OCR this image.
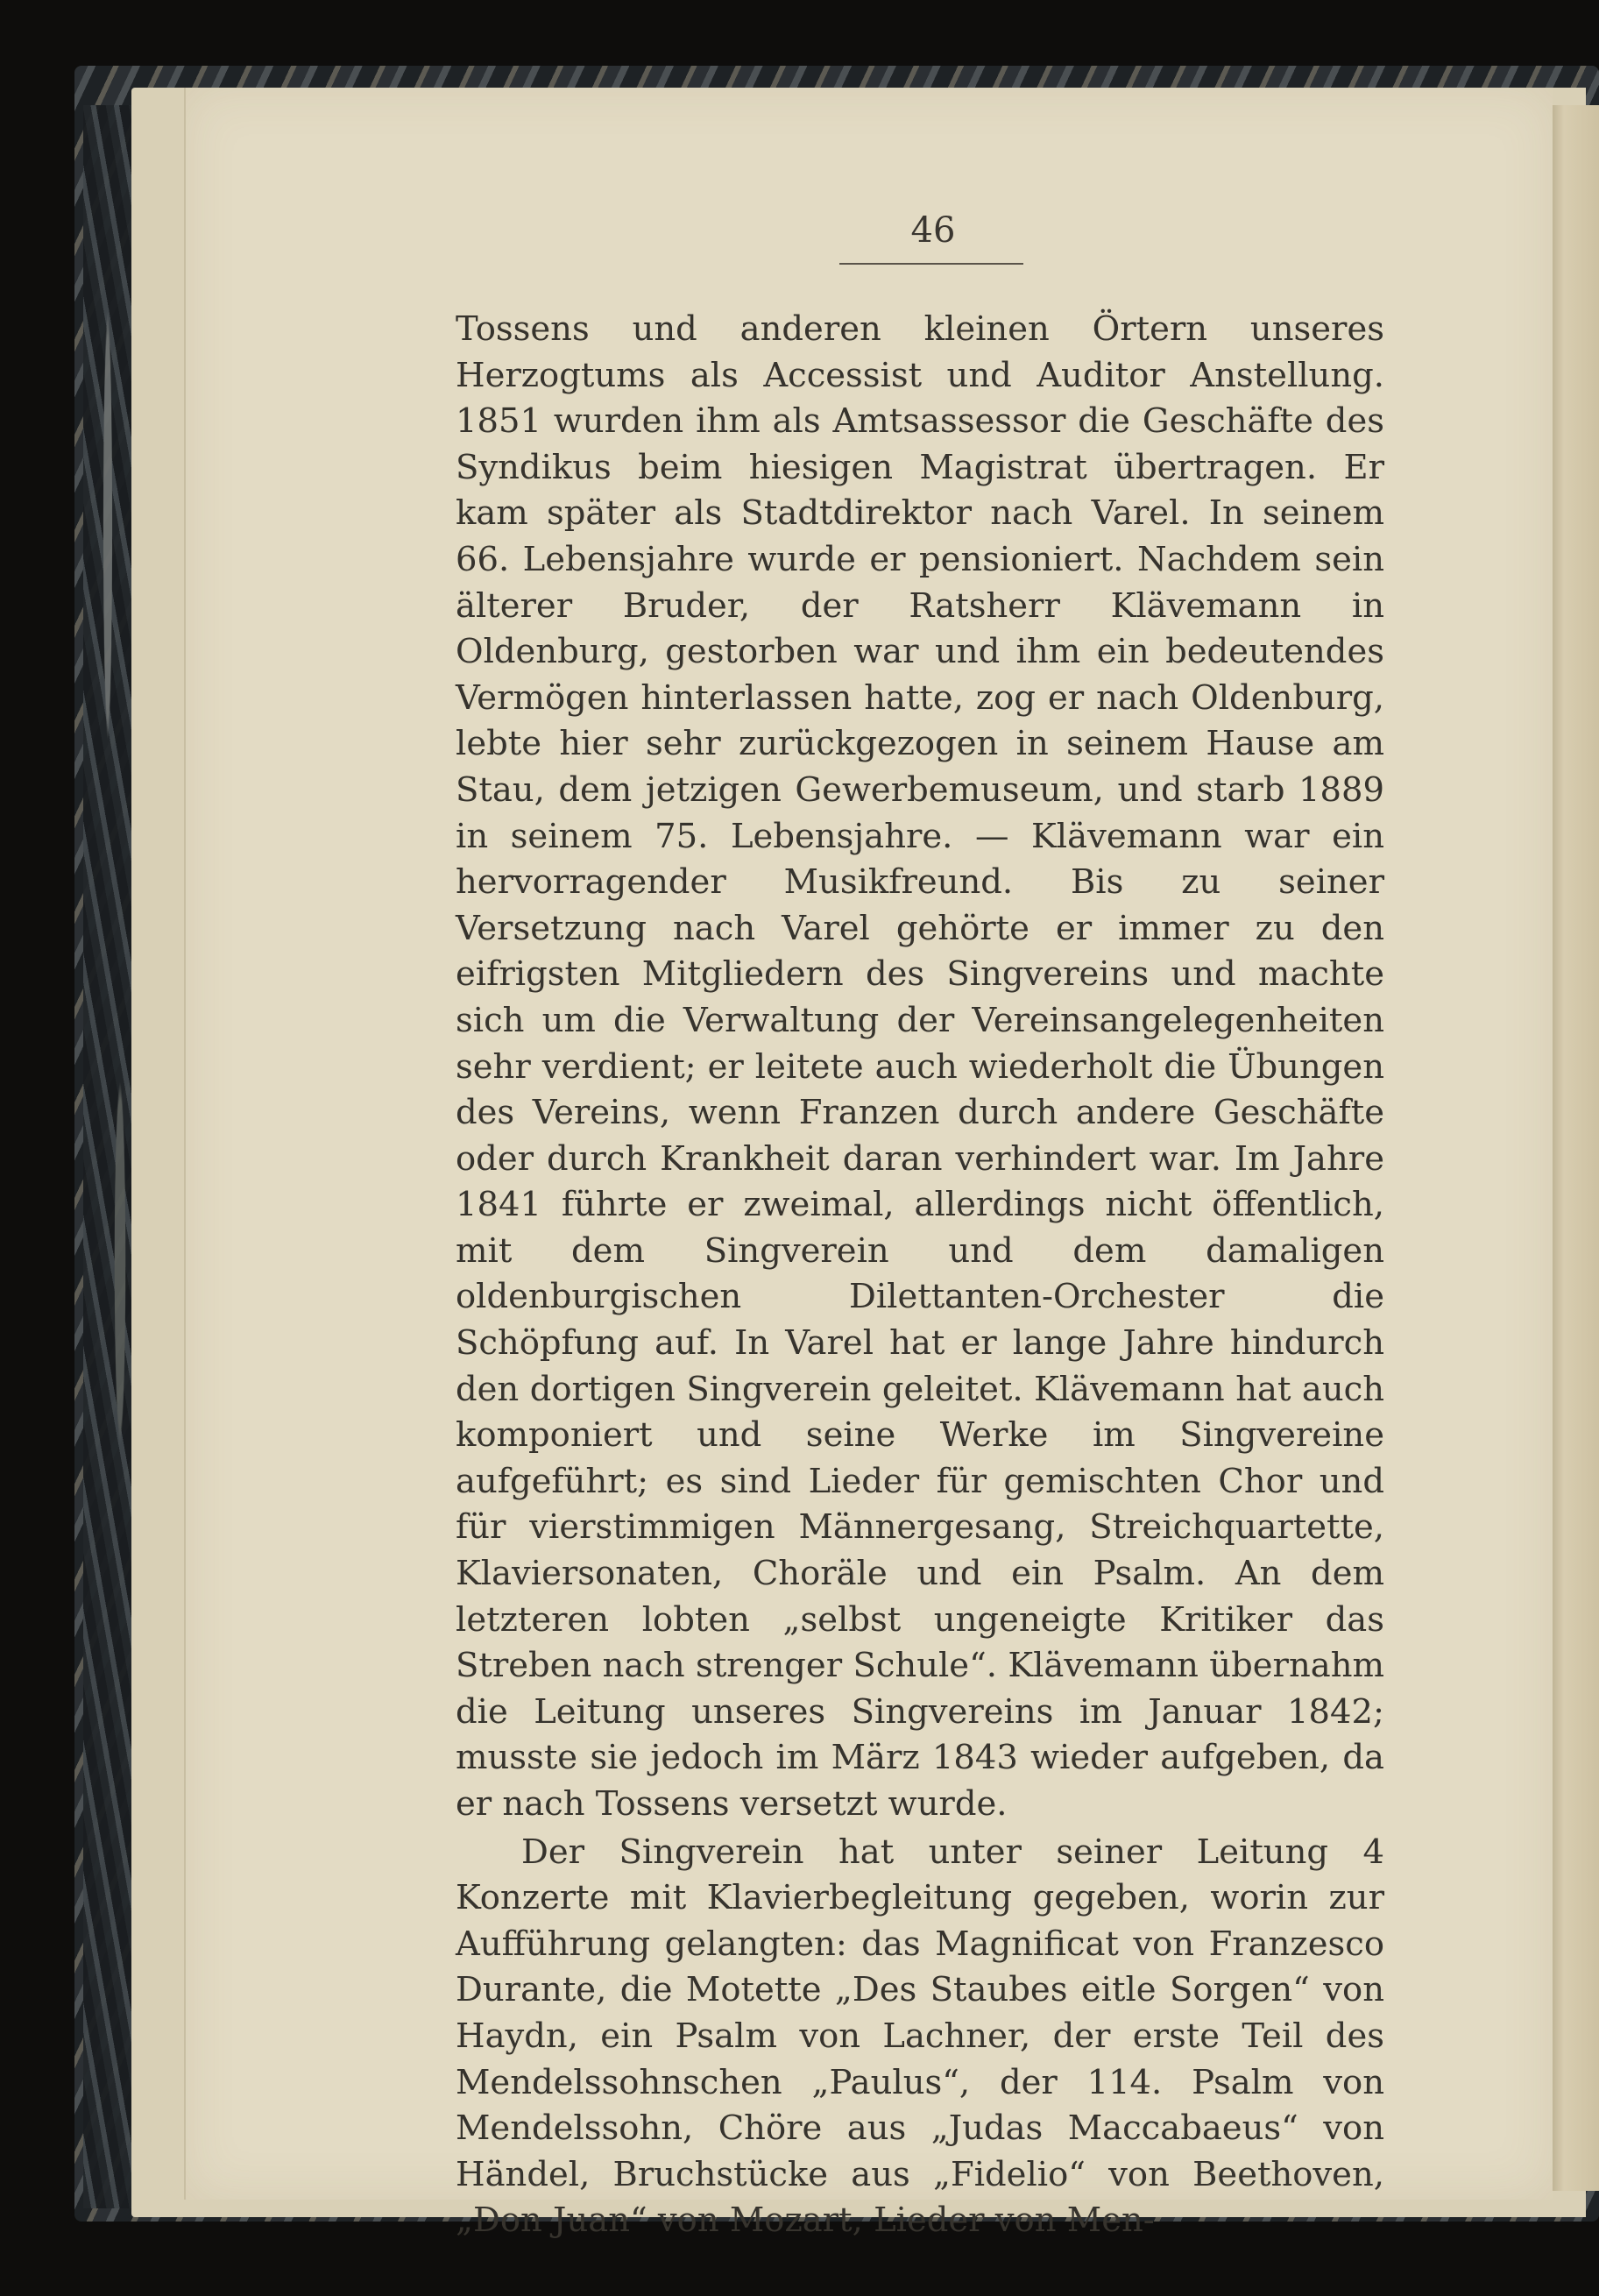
46

Tossens und anderen kleinen Örtern unseres Herzogtums als Accessist und Auditor Anstellung. 1851 wurden ihm als Amtsassessor die Geschäfte des Syndikus beim hiesigen Magistrat übertragen. Er kam später als Stadtdirektor nach Varel. In seinem 66. Lebensjahre wurde er pensioniert. Nachdem sein älterer Bruder, der Ratsherr Klävemann in Oldenburg, gestorben war und ihm ein bedeutendes Vermögen hinterlassen hatte, zog er nach Oldenburg, lebte hier sehr zurückgezogen in seinem Hause am Stau, dem jetzigen Gewerbemuseum, und starb 1889 in seinem 75. Lebensjahre. — Klävemann war ein hervorragender Musikfreund. Bis zu seiner Versetzung nach Varel gehörte er immer zu den eifrigsten Mitgliedern des Singvereins und machte sich um die Verwaltung der Vereinsangelegenheiten sehr verdient; er leitete auch wiederholt die Übungen des Vereins, wenn Franzen durch andere Geschäfte oder durch Krankheit daran verhindert war. Im Jahre 1841 führte er zweimal, allerdings nicht öffentlich, mit dem Singverein und dem damaligen oldenburgischen Dilettanten-Orchester die Schöpfung auf. In Varel hat er lange Jahre hindurch den dortigen Singverein geleitet. Klävemann hat auch komponiert und seine Werke im Singvereine aufgeführt; es sind Lieder für gemischten Chor und für vierstimmigen Männergesang, Streichquartette, Klaviersonaten, Choräle und ein Psalm. An dem letzteren lobten „selbst ungeneigte Kritiker das Streben nach strenger Schule“. Klävemann übernahm die Leitung unseres Singvereins im Januar 1842; musste sie jedoch im März 1843 wieder aufgeben, da er nach Tossens versetzt wurde.

Der Singverein hat unter seiner Leitung 4 Konzerte mit Klavierbegleitung gegeben, worin zur Aufführung gelangten: das Magnificat von Franzesco Durante, die Motette „Des Staubes eitle Sorgen“ von Haydn, ein Psalm von Lachner, der erste Teil des Mendelssohnschen „Paulus“, der 114. Psalm von Mendelssohn, Chöre aus „Judas Maccabaeus“ von Händel, Bruchstücke aus „Fidelio“ von Beethoven, „Don Juan“ von Mozart, Lieder von Men-
